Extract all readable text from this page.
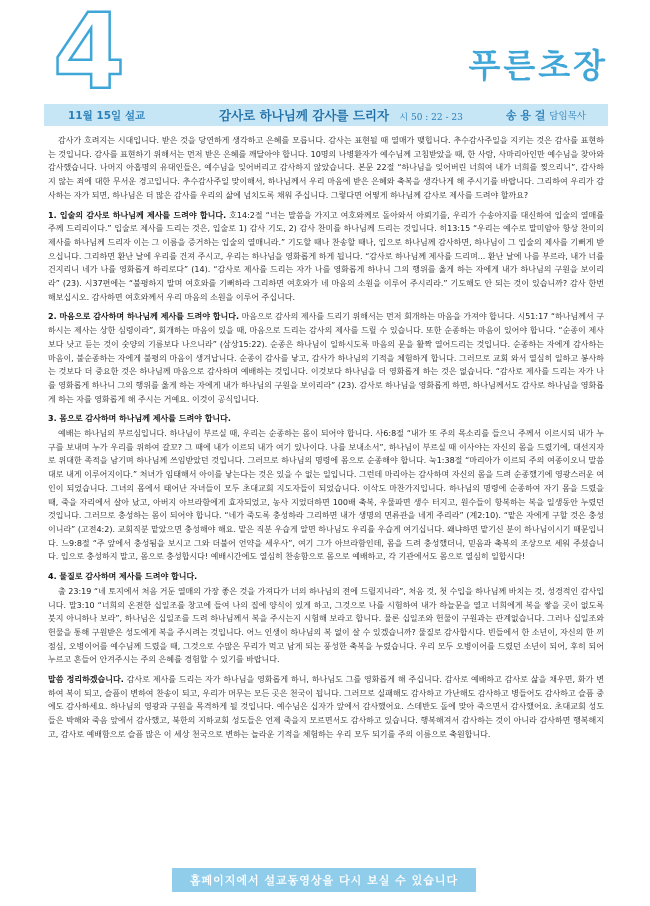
4	푸른초장
11월 15일 설교	감사로 하나님께 감사를 드리자 시 50 : 22 - 23	송 용 걸 담임목사

감사가 흐려지는 시대입니다. 받은 것을 당연하게 생각하고 은혜를 모릅니다. 감사는 표현될 때 열매가 맺힙니다. 추수감사주일을 지키는 것은 감사를 표현하는 것입니다. 감사를 표현하기 위해서는 먼저 받은 은혜를 깨달아야 합니다. 10명의 나병환자가 예수님께 고침받았을 때, 한 사람, 사마리아인만 예수님을 찾아와 감사했습니다. 나머지 아홉명의 유대인들은, 예수님을 잊어버리고 감사하지 않았습니다. 본문 22절 “하나님을 잊어버린 너희여 내가 너희를 찢으리니”, 감사하지 않는 죄에 대한 무서운 경고입니다. 추수감사주일 맞이해서, 하나님께서 우리 마음에 받은 은혜와 축복을 생각나게 해 주시기를 바랍니다. 그리하여 우리가 감사하는 자가 되면, 하나님은 더 많은 감사를 우리의 삶에 넘치도록 채워 주십니다. 그렇다면 어떻게 하나님께 감사로 제사를 드려야 할까요?

1. 입술의 감사로 하나님께 제사를 드려야 합니다. 호14:2절 “너는 말씀을 가지고 여호와께로 돌아와서 아뢰기를, 우리가 수송아지를 대신하여 입술의 열매를 주께 드리리이다.” 입술로 제사를 드리는 것은, 입술로 1) 감사 기도, 2) 감사 찬미를 하나님께 드리는 것입니다. 히13:15 “우리는 예수로 말미암아 항상 찬미의 제사를 하나님께 드리자 이는 그 이름을 증거하는 입술의 열매니라.” 기도할 때나 찬송할 때나, 입으로 하나님께 감사하면, 하나님이 그 입술의 제사를 기뻐게 받으십니다. 그리하면 환난 날에 우리를 건져 주시고, 우리는 하나님을 영화롭게 하게 됩니다. “감사로 하나님께 제사를 드리며... 환난 날에 나를 부르라, 내가 너를 건지리니 네가 나를 영화롭게 하리로다” (14). “감사로 제사를 드리는 자가 나를 영화롭게 하나니 그의 행위를 옳게 하는 자에게 내가 하나님의 구원을 보이리라” (23). 시37편에는 “불평하지 말며 여호와를 기뻐하라 그리하면 여호와가 네 마음의 소원을 이루어 주시리라.” 기도해도 안 되는 것이 있습니까? 감사 한번 해보십시오. 감사하면 여호와께서 우리 마음의 소원을 이루어 주십니다.

2. 마음으로 감사하며 하나님께 제사를 드려야 합니다. 마음으로 감사의 제사를 드리기 위해서는 먼저 회개하는 마음을 가져야 합니다. 시51:17 “하나님께서 구하시는 제사는 상한 심령이라”, 회개하는 마음이 있을 때, 마음으로 드리는 감사의 제사를 드릴 수 있습니다. 또한 순종하는 마음이 있어야 합니다. “순종이 제사보다 낫고 듣는 것이 숫양의 기름보다 나으니라” (삼상15:22). 순종은 하나님이 일하시도록 마음의 문을 활짝 열어드리는 것입니다. 순종하는 자에게 감사하는 마음이, 불순종하는 자에게 불평의 마음이 생겨납니다. 순종이 감사를 낳고, 감사가 하나님의 기적을 체험하게 합니다. 그러므로 교회 와서 열심히 일하고 봉사하는 것보다 더 중요한 것은 하나님께 마음으로 감사하며 예배하는 것입니다. 이것보다 하나님을 더 영화롭게 하는 것은 없습니다. “감사로 제사를 드리는 자가 나를 영화롭게 하나니 그의 행위를 옳게 하는 자에게 내가 하나님의 구원을 보이리라” (23). 감사로 하나님을 영화롭게 하면, 하나님께서도 감사로 하나님을 영화롭게 하는 자를 영화롭게 해 주시는 거예요. 이것이 공식입니다.

3. 몸으로 감사하며 하나님께 제사를 드려야 합니다.

예배는 하나님의 부르심입니다. 하나님이 부르실 때, 우리는 순종하는 몸이 되어야 합니다. 사6:8절 “내가 또 주의 목소리를 들으니 주께서 이르시되 내가 누구를 보내며 누가 우리를 위하여 갈꼬? 그 때에 내가 이르되 내가 여기 있나이다. 나를 보내소서”, 하나님이 부르실 때 이사야는 자신의 몸을 드렸기에, 대선지자로 위대한 족적을 남기며 하나님께 쓰임받았던 것입니다. 그러므로 하나님의 명령에 몸으로 순종해야 합니다. 눅1:38절 “마리아가 이르되 주의 여종이오니 말씀대로 내게 이루어지이다.” 처녀가 임태해서 아이를 낳는다는 것은 있을 수 없는 일입니다. 그런데 마리아는 감사하며 자신의 몸을 드려 순종했기에 영광스러운 여인이 되었습니다. 그녀의 몸에서 태어난 자녀들이 모두 초대교회 지도자들이 되었습니다. 이삭도 마찬가지입니다. 하나님의 명령에 순종하여 자기 몸을 드렸을 때, 죽을 자리에서 살아 났고, 아버지 아브라함에게 효자되었고, 농사 지었더하면 100배 축복, 우물파면 생수 터지고, 원수들이 항복하는 복을 일생동안 누렸던 것입니다. 그러므로 충성하는 몸이 되어야 합니다. “네가 죽도록 충성하라 그리하면 내가 생명의 면류관을 네게 주리라” (계2:10). “맡은 자에게 구할 것은 충성이니라” (고전4:2). 교회직분 맡았으면 충성해야 해요. 맡은 직분 우습게 알면 하나님도 우리를 우습게 여기십니다. 왜냐하면 맡기신 분이 하나님이시기 때문입니다. 느9:8절 “주 앞에서 충성됨을 보시고 그와 더불어 언약을 세우사”, 여기 그가 아브라함인데, 몸을 드려 충성했더니, 믿음과 축복의 조상으로 세워 주셨습니다. 입으로 충성하지 말고, 몸으로 충성합시다! 예배시간에도 열심히 찬송함으로 몸으로 예배하고, 각 기관에서도 몸으로 열심히 일합시다!

4. 물질로 감사하며 제사를 드려야 합니다.

출 23:19 “네 토지에서 처음 거둔 열매의 가장 좋은 것을 가져다가 너의 하나님의 전에 드릴지니라”, 처음 것, 첫 수입을 하나님께 바치는 것, 성경적인 감사입니다. 말3:10 “너희의 온전한 십일조를 창고에 들여 나의 집에 양식이 있게 하고, 그것으로 나를 시험하여 내가 하늘문을 열고 너희에게 복을 쌓을 곳이 없도록 붓지 아니하나 보라”, 하나님은 십일조를 드려 하나님께서 복을 주시는지 시험해 보라고 합니다. 물론 십일조와 헌물이 구원과는 관계없습니다. 그러나 십일조와 헌물을 통해 구원받은 성도에게 복을 주시려는 것입니다. 어느 인생이 하나님의 복 없이 살 수 있겠습니까? 물질로 감사합시다. 빈들에서 한 소년이, 자신의 한 끼 점심, 오병이어를 예수님께 드렸을 때, 그것으로 수많은 무리가 먹고 남게 되는 풍성한 축복을 누렸습니다. 우리 모두 오병이어를 드렸던 소년이 되어, 후히 되어 누르고 흔들어 안겨주시는 주의 은혜를 경험할 수 있기를 바랍니다.

말씀 정리하겠습니다. 감사로 제사를 드리는 자가 하나님을 영화롭게 하니, 하나님도 그를 영화롭게 해 주십니다. 감사로 예배하고 감사로 삶을 채우면, 화가 변하여 복이 되고, 슬픔이 변하여 찬송이 되고, 우리가 머무는 모든 곳은 천국이 됩니다. 그러므로 실패해도 감사하고 가난해도 감사하고 병들어도 감사하고 슬픔 중에도 감사하세요. 하나님의 영광과 구원을 목격하게 될 것입니다. 예수님은 십자가 앞에서 감사했어요. 스데반도 돌에 맞아 죽으면서 감사했어요. 초대교회 성도들은 박해와 죽음 앞에서 감사했고, 북한의 지하교회 성도들은 언제 죽을지 모르면서도 감사하고 있습니다. 행복해져서 감사하는 것이 아니라 감사하면 행복해지고, 감사로 예배함으로 슬픔 많은 이 세상 천국으로 변하는 놀라운 기적을 체험하는 우리 모두 되기를 주의 이름으로 축원합니다.

홈페이지에서 설교동영상을 다시 보실 수 있습니다
